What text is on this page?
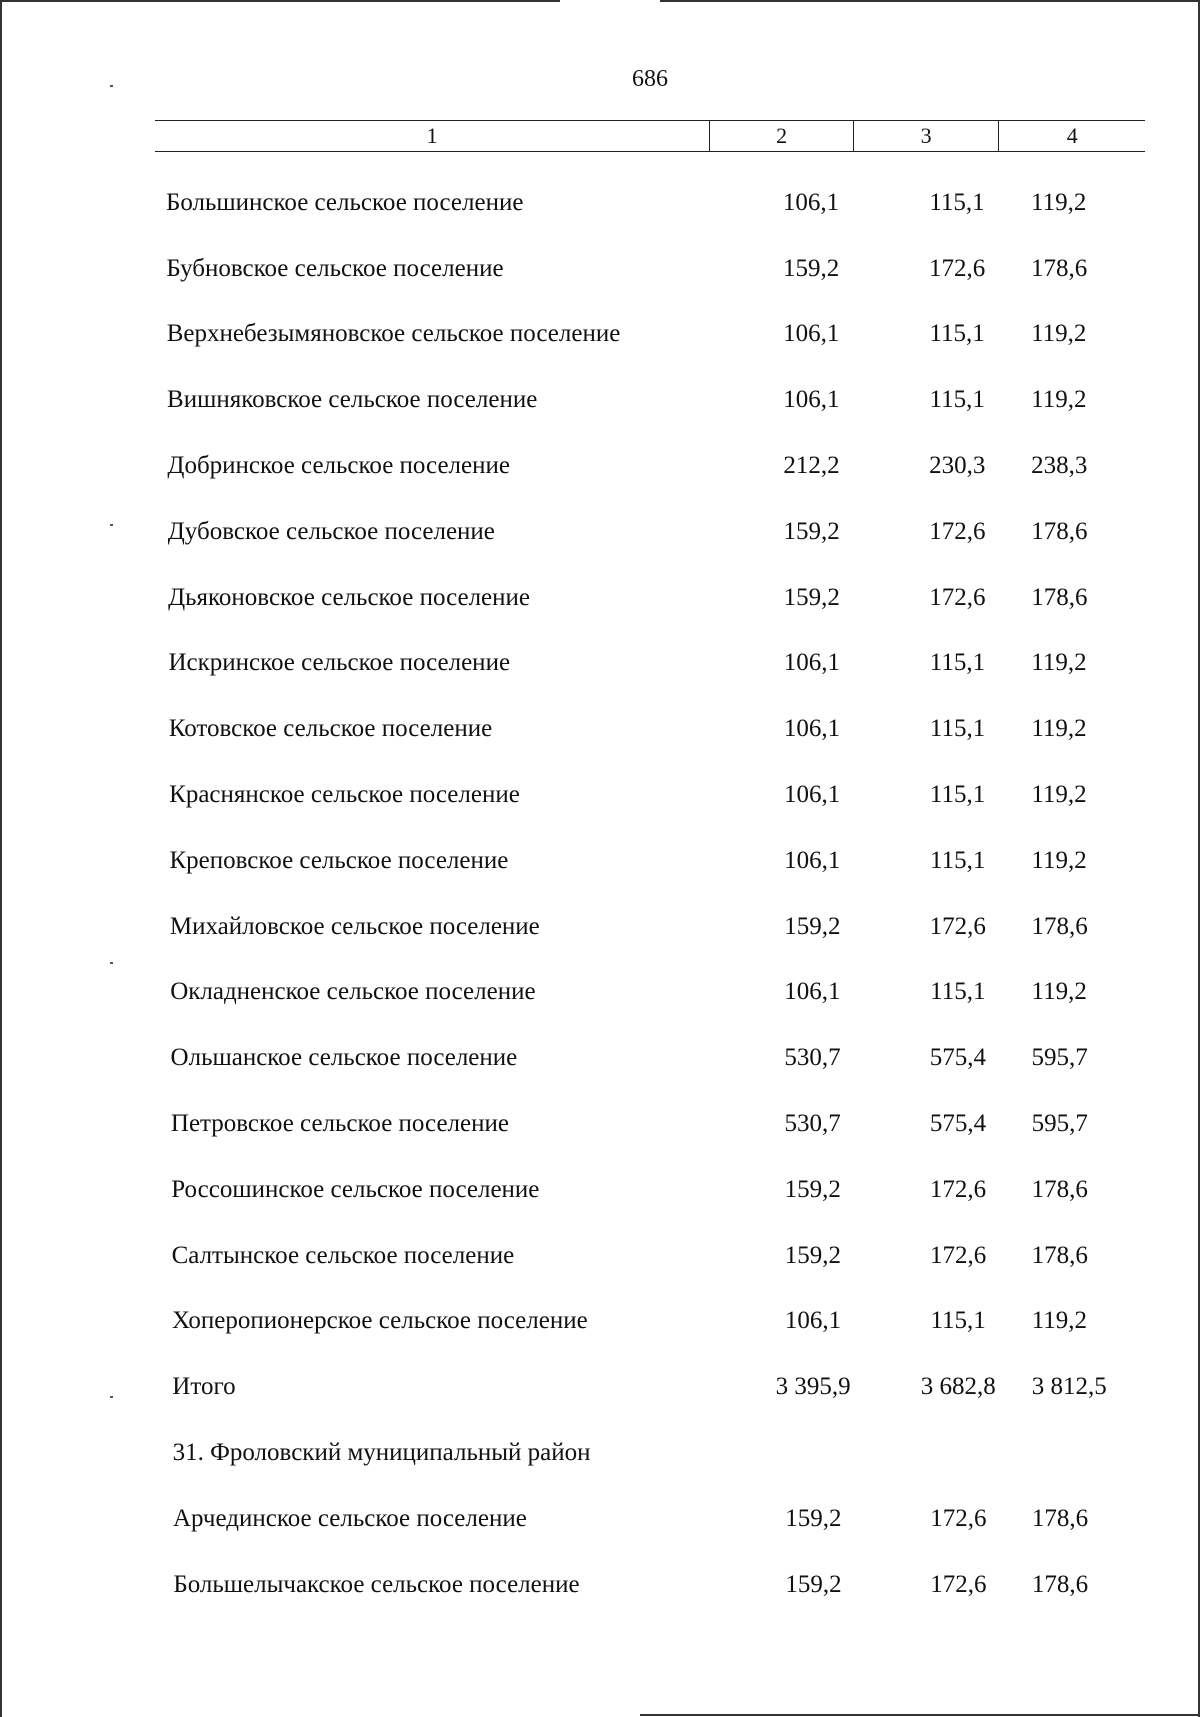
686
1	2	3	4
Большинское сельское поселение	106,1	115,1	119,2
Бубновское сельское поселение	159,2	172,6	178,6
Верхнебезымяновское сельское поселение	106,1	115,1	119,2
Вишняковское сельское поселение	106,1	115,1	119,2
Добринское сельское поселение	212,2	230,3	238,3
Дубовское сельское поселение	159,2	172,6	178,6
Дьяконовское сельское поселение	159,2	172,6	178,6
Искринское сельское поселение	106,1	115,1	119,2
Котовское сельское поселение	106,1	115,1	119,2
Краснянское сельское поселение	106,1	115,1	119,2
Креповское сельское поселение	106,1	115,1	119,2
Михайловское сельское поселение	159,2	172,6	178,6
Окладненское сельское поселение	106,1	115,1	119,2
Ольшанское сельское поселение	530,7	575,4	595,7
Петровское сельское поселение	530,7	575,4	595,7
Россошинское сельское поселение	159,2	172,6	178,6
Салтынское сельское поселение	159,2	172,6	178,6
Хоперопионерское сельское поселение	106,1	115,1	119,2
Итого	3 395,9	3 682,8	3 812,5
31. Фроловский муниципальный район
Арчединское сельское поселение	159,2	172,6	178,6
Большелычакское сельское поселение	159,2	172,6	178,6
